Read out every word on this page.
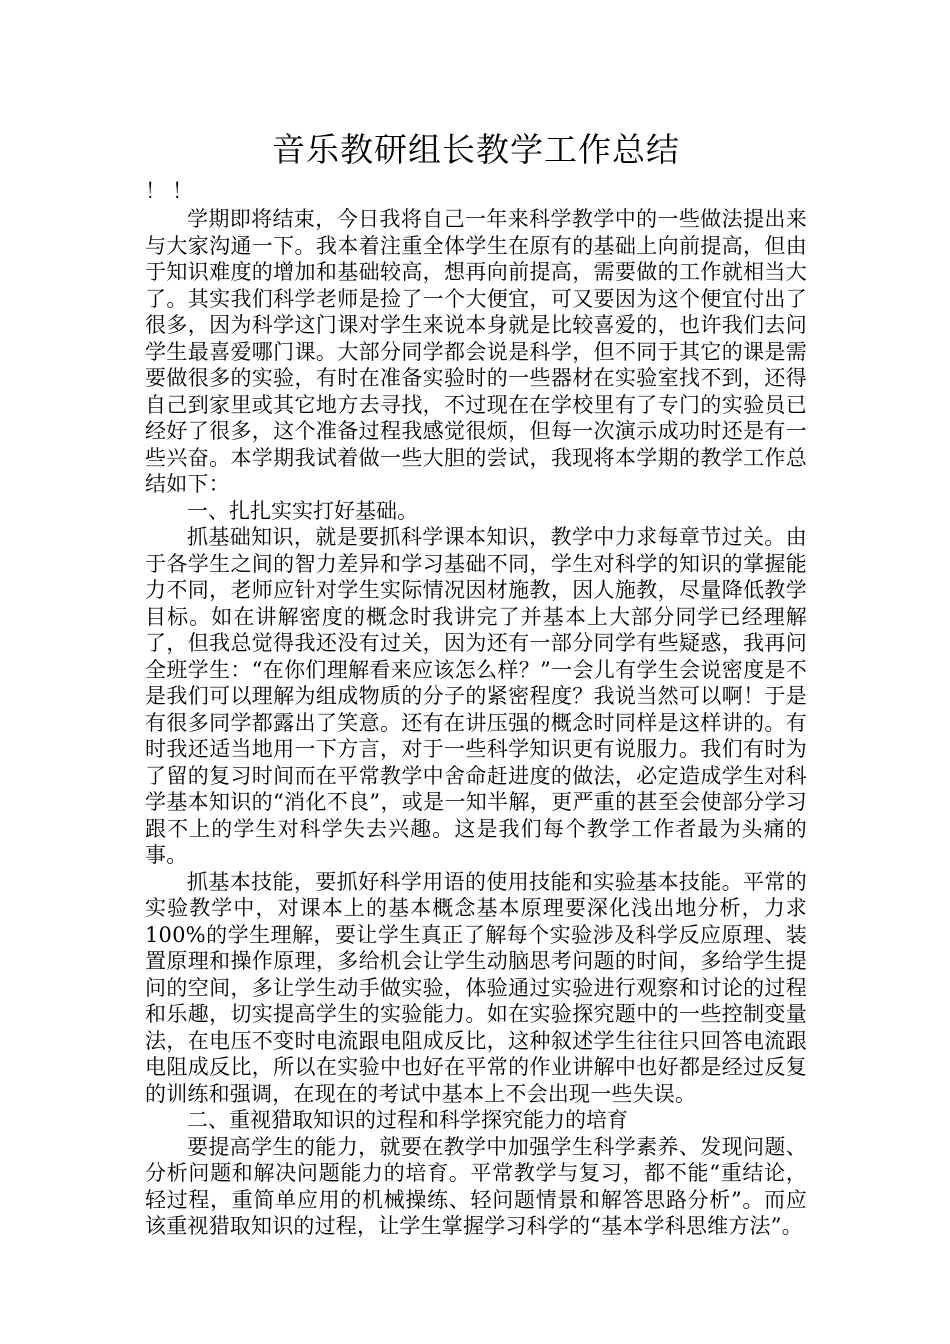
音乐教研组长教学工作总结

！！

学期即将结束，今日我将自己一年来科学教学中的一些做法提出来与大家沟通一下。我本着注重全体学生在原有的基础上向前提高，但由于知识难度的增加和基础较高，想再向前提高，需要做的工作就相当大了。其实我们科学老师是捡了一个大便宜，可又要因为这个便宜付出了很多，因为科学这门课对学生来说本身就是比较喜爱的，也许我们去问学生最喜爱哪门课。大部分同学都会说是科学，但不同于其它的课是需要做很多的实验，有时在准备实验时的一些器材在实验室找不到，还得自己到家里或其它地方去寻找，不过现在在学校里有了专门的实验员已经好了很多，这个准备过程我感觉很烦，但每一次演示成功时还是有一些兴奋。本学期我试着做一些大胆的尝试，我现将本学期的教学工作总结如下：

一、扎扎实实打好基础。

抓基础知识，就是要抓科学课本知识，教学中力求每章节过关。由于各学生之间的智力差异和学习基础不同，学生对科学的知识的掌握能力不同，老师应针对学生实际情况因材施教，因人施教，尽量降低教学目标。如在讲解密度的概念时我讲完了并基本上大部分同学已经理解了，但我总觉得我还没有过关，因为还有一部分同学有些疑惑，我再问全班学生：“在你们理解看来应该怎么样？”一会儿有学生会说密度是不是我们可以理解为组成物质的分子的紧密程度？我说当然可以啊！于是有很多同学都露出了笑意。还有在讲压强的概念时同样是这样讲的。有时我还适当地用一下方言，对于一些科学知识更有说服力。我们有时为了留的复习时间而在平常教学中舍命赶进度的做法，必定造成学生对科学基本知识的“消化不良”，或是一知半解，更严重的甚至会使部分学习跟不上的学生对科学失去兴趣。这是我们每个教学工作者最为头痛的事。

抓基本技能，要抓好科学用语的使用技能和实验基本技能。平常的实验教学中，对课本上的基本概念基本原理要深化浅出地分析，力求100%的学生理解，要让学生真正了解每个实验涉及科学反应原理、装置原理和操作原理，多给机会让学生动脑思考问题的时间，多给学生提问的空间，多让学生动手做实验，体验通过实验进行观察和讨论的过程和乐趣，切实提高学生的实验能力。如在实验探究题中的一些控制变量法，在电压不变时电流跟电阻成反比，这种叙述学生往往只回答电流跟电阻成反比，所以在实验中也好在平常的作业讲解中也好都是经过反复的训练和强调，在现在的考试中基本上不会出现一些失误。

二、重视猎取知识的过程和科学探究能力的培育

要提高学生的能力，就要在教学中加强学生科学素养、发现问题、分析问题和解决问题能力的培育。平常教学与复习，都不能“重结论，轻过程，重简单应用的机械操练、轻问题情景和解答思路分析”。而应该重视猎取知识的过程，让学生掌握学习科学的“基本学科思维方法”。
